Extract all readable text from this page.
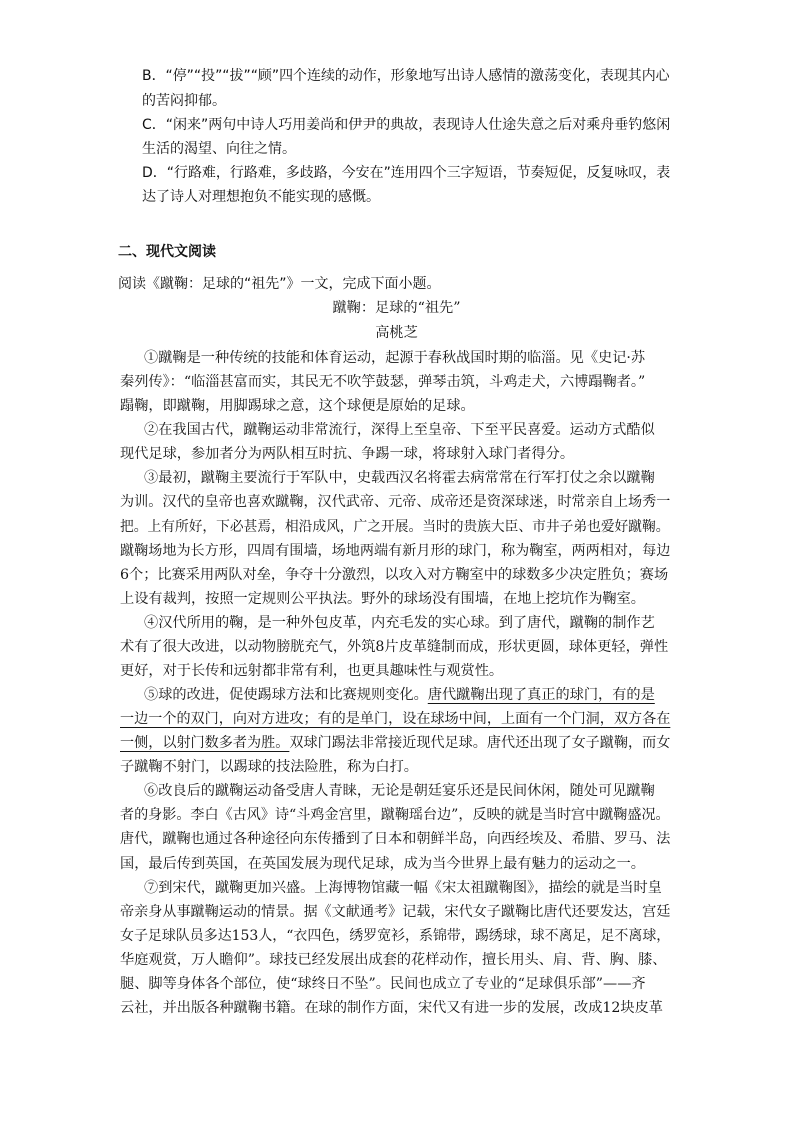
B．“停”“投”“拔”“顾”四个连续的动作，形象地写出诗人感情的激荡变化，表现其内心
的苦闷抑郁。
C．“闲来”两句中诗人巧用姜尚和伊尹的典故，表现诗人仕途失意之后对乘舟垂钓悠闲
生活的渴望、向往之情。
D．“行路难，行路难，多歧路，今安在”连用四个三字短语，节奏短促，反复咏叹，表
达了诗人对理想抱负不能实现的感慨。
二、现代文阅读
阅读《蹴鞠：足球的“祖先”》一文，完成下面小题。
蹴鞠：足球的“祖先”
高桃芝
①蹴鞠是一种传统的技能和体育运动，起源于春秋战国时期的临淄。见《史记·苏
秦列传》：“临淄甚富而实，其民无不吹竽鼓瑟，弹琴击筑，斗鸡走犬，六博蹋鞠者。”
蹋鞠，即蹴鞠，用脚踢球之意，这个球便是原始的足球。
②在我国古代，蹴鞠运动非常流行，深得上至皇帝、下至平民喜爱。运动方式酷似
现代足球，参加者分为两队相互时抗、争踢一球，将球射入球门者得分。
③最初，蹴鞠主要流行于军队中，史载西汉名将霍去病常常在行军打仗之余以蹴鞠
为训。汉代的皇帝也喜欢蹴鞠，汉代武帝、元帝、成帝还是资深球迷，时常亲自上场秀一
把。上有所好，下必甚焉，相沿成风，广之开展。当时的贵族大臣、市井子弟也爱好蹴鞠。
蹴鞠场地为长方形，四周有围墙，场地两端有新月形的球门，称为鞠室，两两相对，每边
6个；比赛采用两队对垒，争夺十分激烈，以攻入对方鞠室中的球数多少决定胜负；赛场
上设有裁判，按照一定规则公平执法。野外的球场没有围墙，在地上挖坑作为鞠室。
④汉代所用的鞠，是一种外包皮革，内充毛发的实心球。到了唐代，蹴鞠的制作艺
术有了很大改进，以动物膀胱充气，外筑8片皮革缝制而成，形状更圆，球体更轻，弹性
更好，对于长传和远射都非常有利，也更具趣味性与观赏性。
⑤球的改进，促使踢球方法和比赛规则变化。唐代蹴鞠出现了真正的球门，有的是
一边一个的双门，向对方进攻；有的是单门，设在球场中间，上面有一个门洞，双方各在
一侧，以射门数多者为胜。双球门踢法非常接近现代足球。唐代还出现了女子蹴鞠，而女
子蹴鞠不射门，以踢球的技法险胜，称为白打。
⑥改良后的蹴鞠运动备受唐人青睐，无论是朝廷宴乐还是民间休闲，随处可见蹴鞠
者的身影。李白《古风》诗“斗鸡金宫里，蹴鞠瑶台边”，反映的就是当时宫中蹴鞠盛况。
唐代，蹴鞠也通过各种途径向东传播到了日本和朝鲜半岛，向西经埃及、希腊、罗马、法
国，最后传到英国，在英国发展为现代足球，成为当今世界上最有魅力的运动之一。
⑦到宋代，蹴鞠更加兴盛。上海博物馆藏一幅《宋太祖蹴鞠图》，描绘的就是当时皇
帝亲身从事蹴鞠运动的情景。据《文献通考》记载，宋代女子蹴鞠比唐代还要发达，宫廷
女子足球队员多达153人，“衣四色，绣罗宽衫，系锦带，踢绣球，球不离足，足不离球，
华庭观赏，万人瞻仰”。球技已经发展出成套的花样动作，擅长用头、肩、背、胸、膝、
腿、脚等身体各个部位，使“球终日不坠”。民间也成立了专业的“足球俱乐部”——齐
云社，并出版各种蹴鞠书籍。在球的制作方面，宋代又有进一步的发展，改成12块皮革
